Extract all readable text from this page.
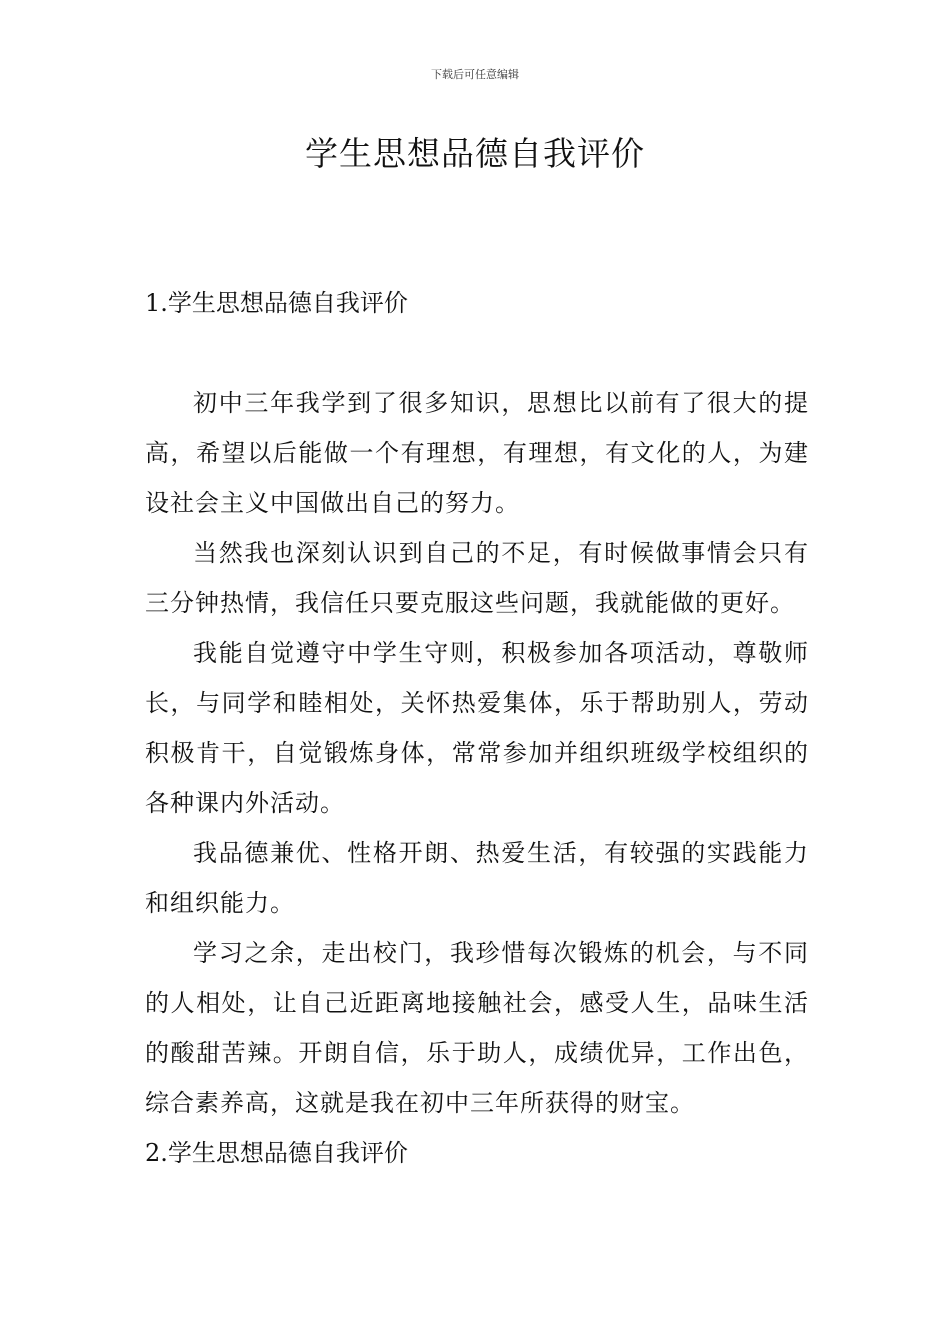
下载后可任意编辑
学生思想品德自我评价

1.学生思想品德自我评价

初中三年我学到了很多知识，思想比以前有了很大的提高，希望以后能做一个有理想，有理想，有文化的人，为建设社会主义中国做出自己的努力。

当然我也深刻认识到自己的不足，有时候做事情会只有三分钟热情，我信任只要克服这些问题，我就能做的更好。

我能自觉遵守中学生守则，积极参加各项活动，尊敬师长，与同学和睦相处，关怀热爱集体，乐于帮助别人，劳动积极肯干，自觉锻炼身体，常常参加并组织班级学校组织的各种课内外活动。

我品德兼优、性格开朗、热爱生活，有较强的实践能力和组织能力。

学习之余，走出校门，我珍惜每次锻炼的机会，与不同的人相处，让自己近距离地接触社会，感受人生，品味生活的酸甜苦辣。开朗自信，乐于助人，成绩优异，工作出色，综合素养高，这就是我在初中三年所获得的财宝。

2.学生思想品德自我评价
